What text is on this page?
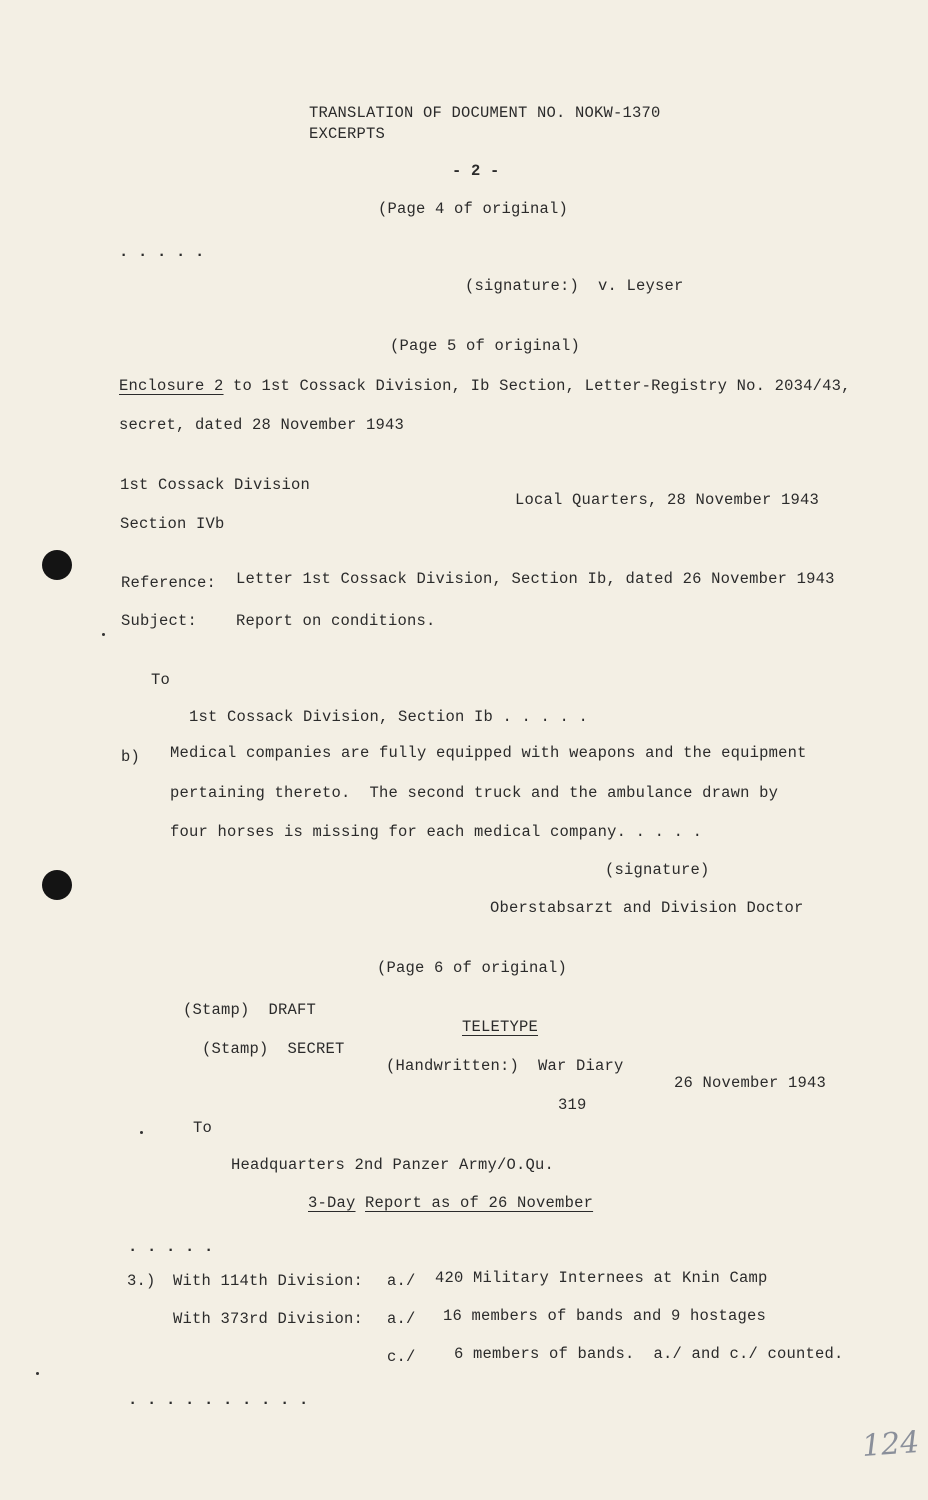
TRANSLATION OF DOCUMENT NO. NOKW-1370
EXCERPTS
- 2 -
(Page 4 of original)
. . . . .
(signature:)  v. Leyser
(Page 5 of original)
Enclosure 2 to 1st Cossack Division, Ib Section, Letter-Registry No. 2034/43,
secret, dated 28 November 1943
1st Cossack Division
Local Quarters, 28 November 1943
Section IVb
Reference: Letter 1st Cossack Division, Section Ib, dated 26 November 1943
Subject:	Report on conditions.
To
1st Cossack Division, Section Ib . . . . .
b) Medical companies are fully equipped with weapons and the equipment
pertaining thereto.  The second truck and the ambulance drawn by
four horses is missing for each medical company. . . . .
(signature)
Oberstabsarzt and Division Doctor
(Page 6 of original)
(Stamp)  DRAFT
TELETYPE
(Stamp)  SECRET
(Handwritten:)  War Diary
26 November 1943
319
To
Headquarters 2nd Panzer Army/O.Qu.
3-Day Report as of 26 November
. . . . .
3.) With 114th Division: a./ 420 Military Internees at Knin Camp
With 373rd Division: a./ 16 members of bands and 9 hostages
c./ 6 members of bands.  a./ and c./ counted.
. . . . . . . . . .
124
